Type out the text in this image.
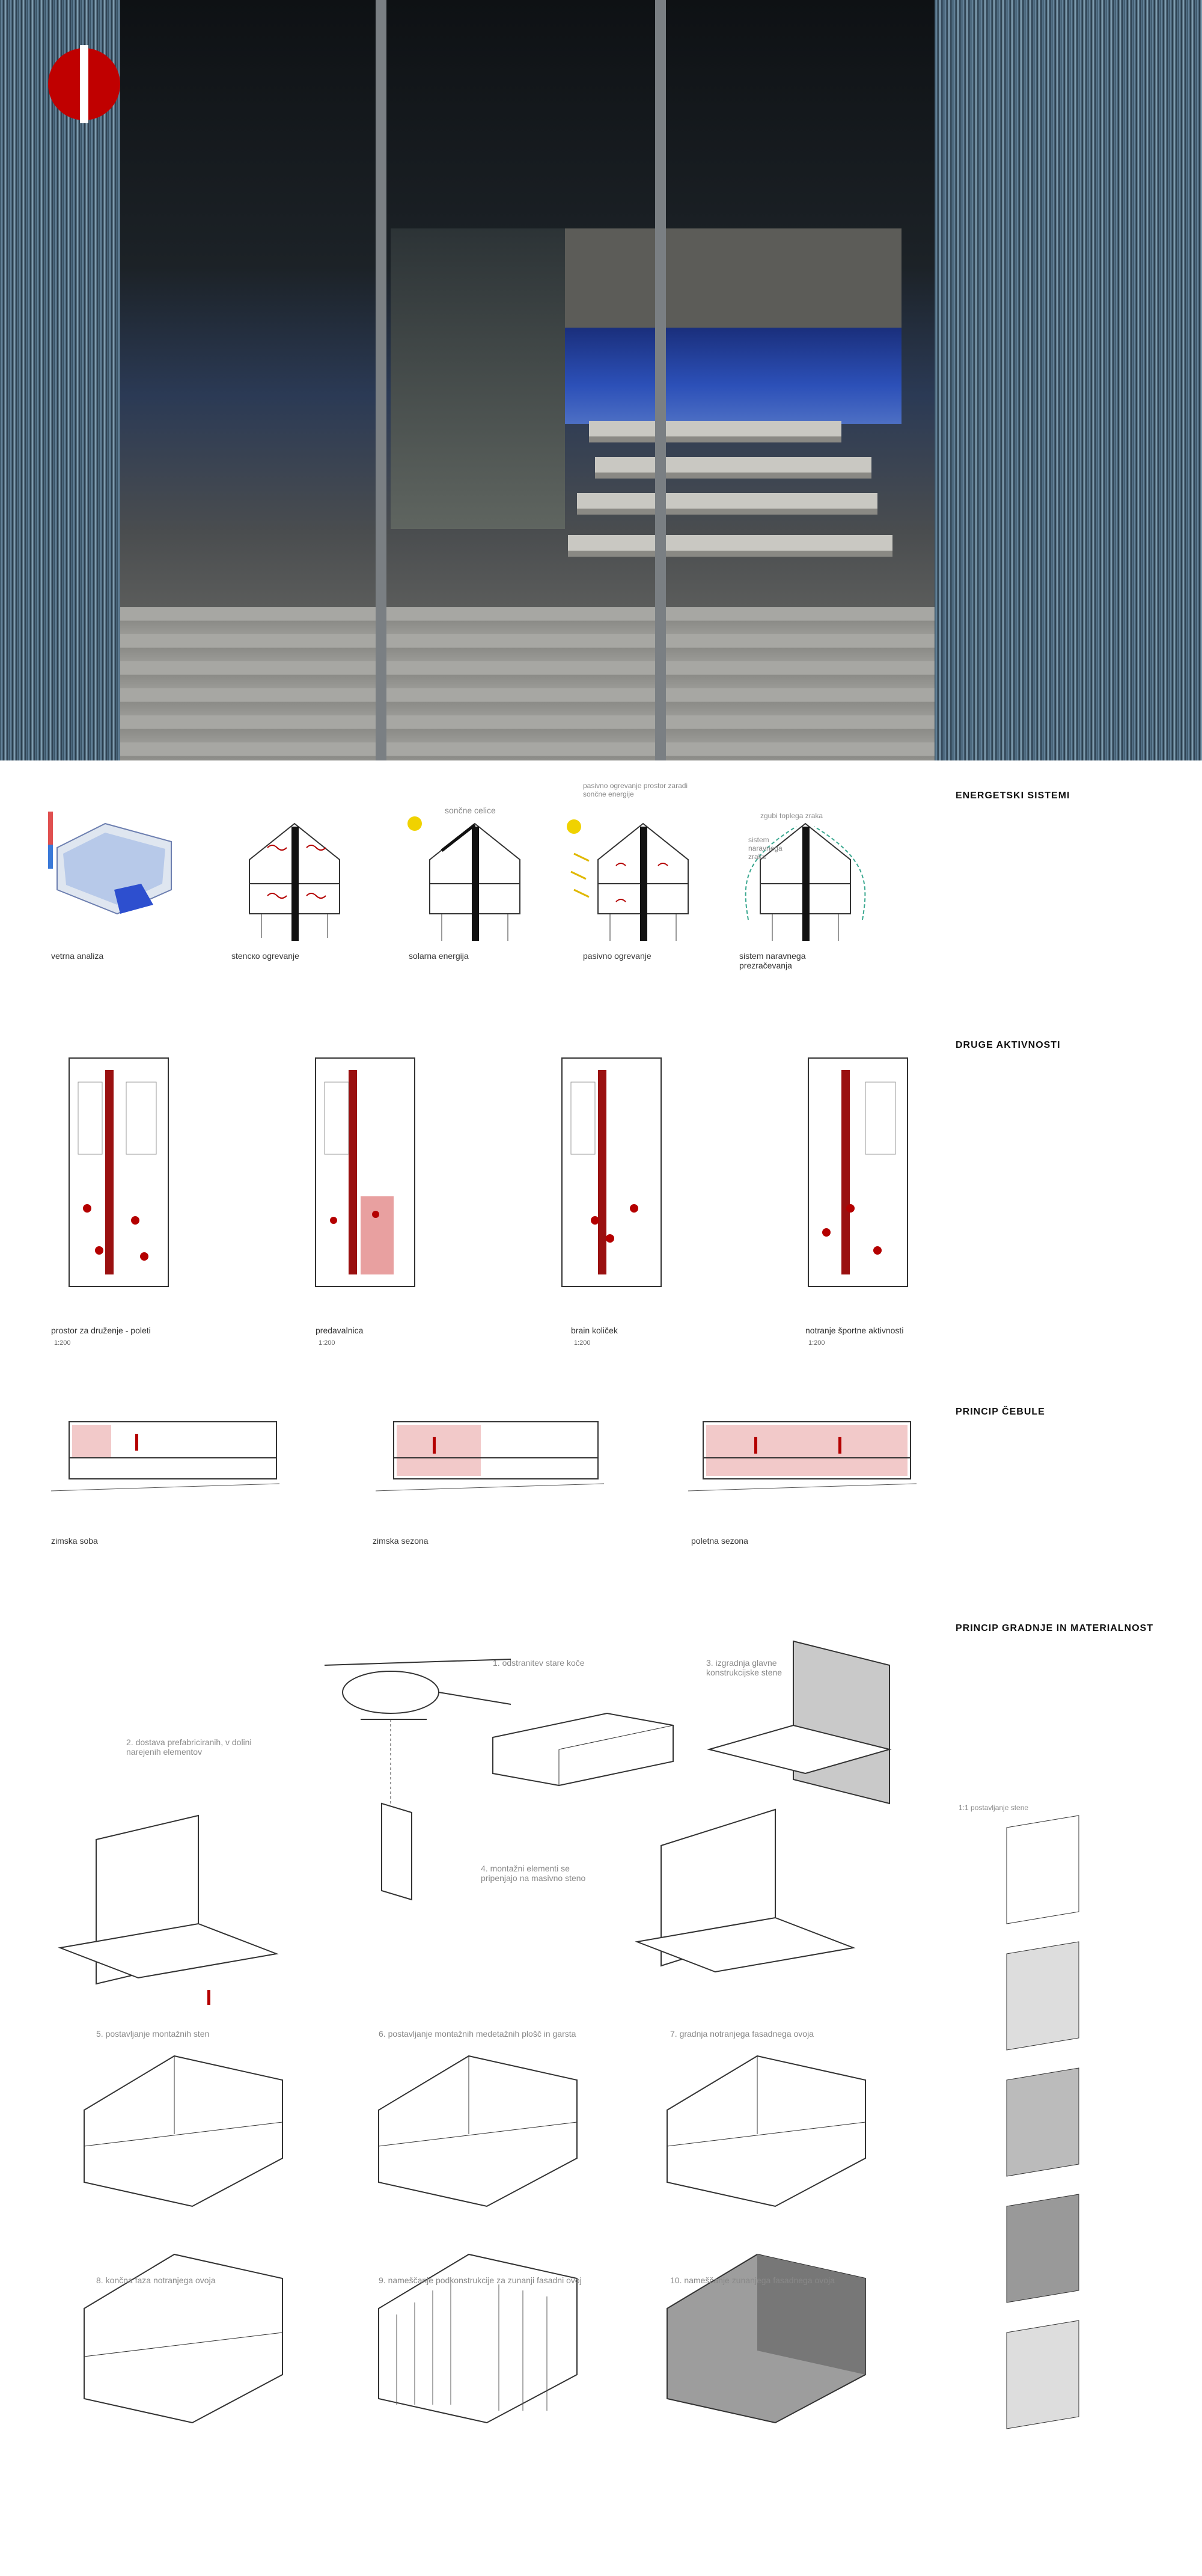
ENERGETSKI SISTEMI
sončne celice
pasivno ogrevanje prostor zaradi sončne energije
zgubi toplega zraka
sistem naravnega zraka
vetrna analiza	stenско ogrevanje	solarna energija	pasivno ogrevanje	sistem naravnega prezračevanja
DRUGE AKTIVNOSTI
prostor za druženje - poleti	predavalnica	brain količek	notranje športne aktivnosti
1:200	1:200	1:200	1:200
PRINCIP ČEBULE
zimska soba	zimska sezona	poletna sezona
PRINCIP GRADNJE IN MATERIALNOST
1:1 postavljanje stene
1. odstranitev stare koče
2. dostava prefabriciranih, v dolini narejenih elementov
3. izgradnja glavne konstrukcijske stene
4. montažni elementi se pripenjajo na masivno steno
5. postavljanje montažnih sten	6. postavljanje montažnih medetažnih plošč in garsta	7. gradnja notranjega fasadnega ovoja
8. končna faza notranjega ovoja	9. nameščanje podkonstrukcije za zunanji fasadni ovoj	10. nameščanje zunanjega fasadnega ovoja
